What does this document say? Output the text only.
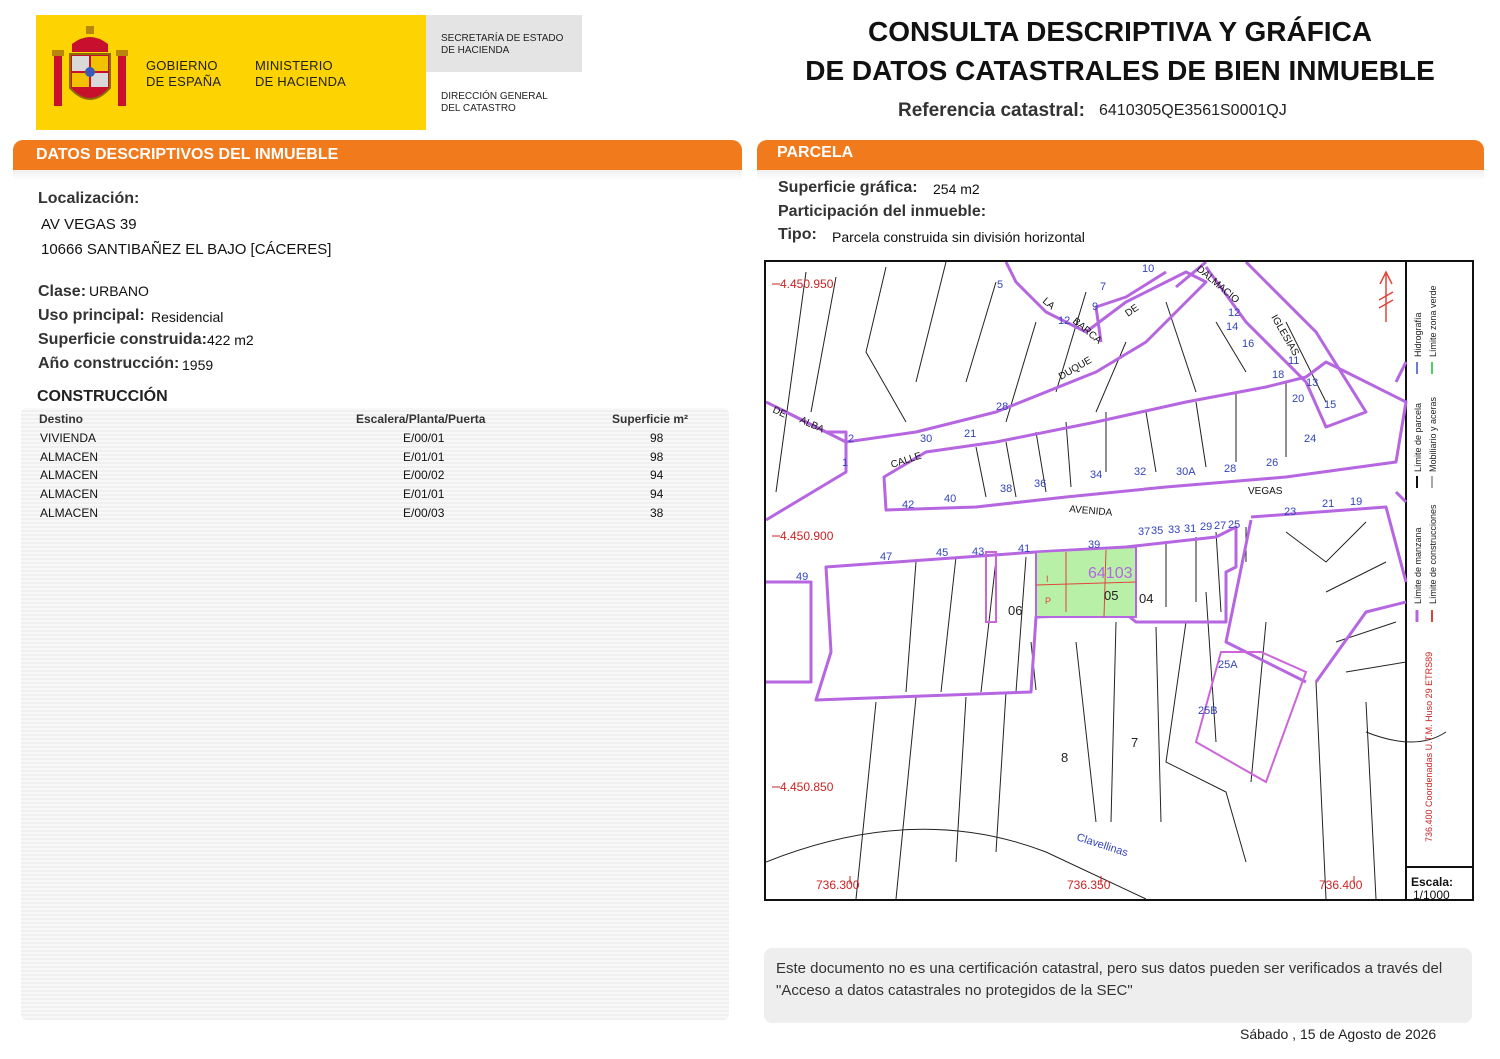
GOBIERNO
DE ESPAÑA
MINISTERIO
DE HACIENDA
SECRETARÍA DE ESTADO
DE HACIENDA
DIRECCIÓN GENERAL
DEL CATASTRO
CONSULTA DESCRIPTIVA Y GRÁFICA
DE DATOS CATASTRALES DE BIEN INMUEBLE
Referencia catastral: 6410305QE3561S0001QJ
DATOS DESCRIPTIVOS DEL INMUEBLE
Localización:
AV VEGAS 39
10666 SANTIBAÑEZ EL BAJO [CÁCERES]
Clase: URBANO
Uso principal: Residencial
Superficie construida: 422 m2
Año construcción: 1959
CONSTRUCCIÓN
Destino	Escalera/Planta/Puerta	Superficie m²
VIVIENDA	E/00/01	98
ALMACEN	E/01/01	98
ALMACEN	E/00/02	94
ALMACEN	E/01/01	94
ALMACEN	E/00/03	38
PARCELA
Superficie gráfica: 254 m2
Participación del inmueble:
Tipo: Parcela construida sin división horizontal
4.450.950
4.450.900
4.450.850
736.300	736.350	736.400
AVENIDA
VEGAS
CALLE
DUQUE
DE
ALBA
BARCA
DE
LA
IGLESIAS
Clavellinas
DALMACIO
06
05 04
8
7
64103
I
P
47	45 43	41	39
37 35 33 31 29 27 25
23
21 19
42	40
38 36
34	32	30A	28	26
2
1
30	21
28
12
9
7
10
5
12
14
16
18
20
24
11
13
15
49
25A
25B
Límite de parcela
Hidrografía
Mobiliario y aceras
Límite zona verde
Límite de manzana Límite de construcciones
736.400 Coordenadas U.T.M. Huso 29 ETRS89
Escala:
1/1000
Este documento no es una certificación catastral, pero sus datos pueden ser verificados a través del "Acceso a datos catastrales no protegidos de la SEC"
Sábado , 15 de Agosto de 2026
